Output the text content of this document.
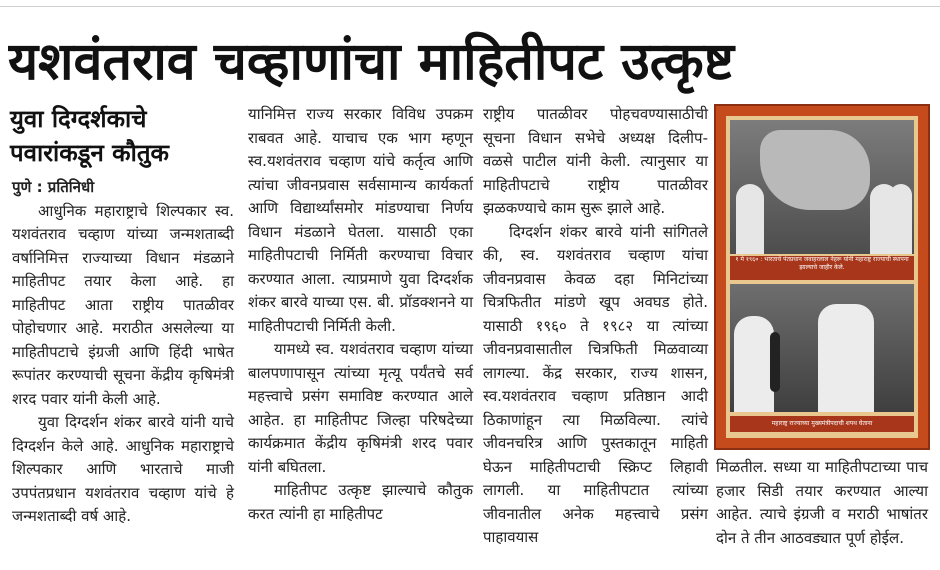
यशवंतराव चव्हाणांचा माहितीपट उत्कृष्ट
युवा दिग्दर्शकाचे
पवारांकडून कौतुक

पुणे : प्रतिनिधी

आधुनिक महाराष्ट्राचे शिल्पकार स्व. यशवंतराव चव्हाण यांच्या जन्मशताब्दी वर्षानिमित्त राज्याच्या विधान मंडळाने माहितीपट तयार केला आहे. हा माहितीपट आता राष्ट्रीय पातळीवर पोहोचणार आहे. मराठीत असलेल्या या माहितीपटाचे इंग्रजी आणि हिंदी भाषेत रूपांतर करण्याची सूचना केंद्रीय कृषिमंत्री शरद पवार यांनी केली आहे.

युवा दिग्दर्शन शंकर बारवे यांनी याचे दिग्दर्शन केले आहे. आधुनिक महाराष्ट्राचे शिल्पकार आणि भारताचे माजी उपपंतप्रधान यशवंतराव चव्हाण यांचे हे जन्मशताब्दी वर्ष आहे.

यानिमित्त राज्य सरकार विविध उपक्रम राबवत आहे. याचाच एक भाग म्हणून स्व.यशवंतराव चव्हाण यांचे कर्तृत्व आणि त्यांचा जीवनप्रवास सर्वसामान्य कार्यकर्ता आणि विद्यार्थ्यांसमोर मांडण्याचा निर्णय विधान मंडळाने घेतला. यासाठी एका माहितीपटाची निर्मिती करण्याचा विचार करण्यात आला. त्याप्रमाणे युवा दिग्दर्शक शंकर बारवे याच्या एस. बी. प्रॉडक्शनने या माहितीपटाची निर्मिती केली.

यामध्ये स्व. यशवंतराव चव्हाण यांच्या बालपणापासून त्यांच्या मृत्यू पर्यंतचे सर्व महत्त्वाचे प्रसंग समाविष्ट करण्यात आले आहेत. हा माहितीपट जिल्हा परिषदेच्या कार्यक्रमात केंद्रीय कृषिमंत्री शरद पवार यांनी बघितला.

माहितीपट उत्कृष्ट झाल्याचे कौतुक करत त्यांनी हा माहितीपट

राष्ट्रीय पातळीवर पोहचवण्यासाठीची सूचना विधान सभेचे अध्यक्ष दिलीप- वळसे पाटील यांनी केली. त्यानुसार या माहितीपटाचे राष्ट्रीय पातळीवर झळकण्याचे काम सुरू झाले आहे.

दिग्दर्शन शंकर बारवे यांनी सांगितले की, स्व. यशवंतराव चव्हाण यांचा जीवनप्रवास केवळ दहा मिनिटांच्या चित्रफितीत मांडणे खूप अवघड होते. यासाठी १९६० ते १९८२ या त्यांच्या जीवनप्रवासातील चित्रफिती मिळवाव्या लागल्या. केंद्र सरकार, राज्य शासन, स्व.यशवंतराव चव्हाण प्रतिष्ठान आदी ठिकाणांहून त्या मिळविल्या. त्यांचे जीवनचरित्र आणि पुस्तकातून माहिती घेऊन माहितीपटाची स्क्रिप्ट लिहावी लागली. या माहितीपटात त्यांच्या जीवनातील अनेक महत्त्वाचे प्रसंग पाहावयास

१ मे १९६० : भारताचे पंतप्रधान जवाहरलाल नेहरू यांनी महाराष्ट्र राज्याची स्थापना झाल्याचे जाहीर केले.
महाराष्ट्र राज्याच्या मुख्यमंत्रीपदाची शपथ घेताना

मिळतील. सध्या या माहितीपटाच्या पाच हजार सिडी तयार करण्यात आल्या आहेत. त्याचे इंग्रजी व मराठी भाषांतर दोन ते तीन आठवड्यात पूर्ण होईल.
